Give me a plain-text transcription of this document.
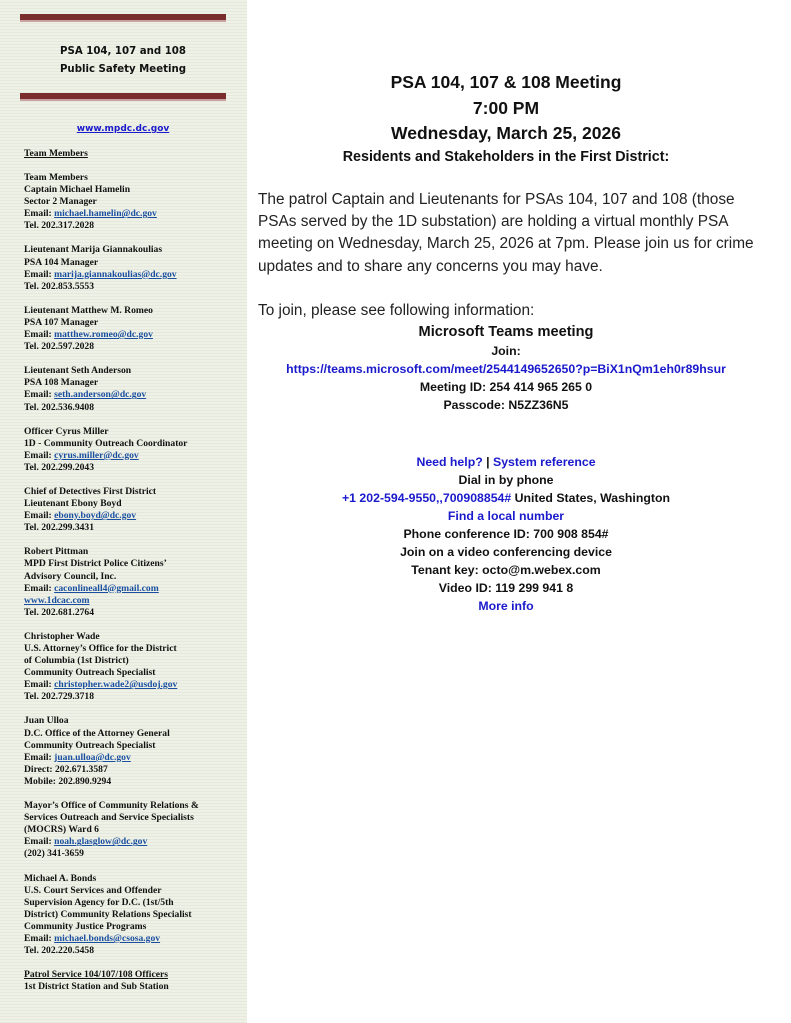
PSA 104, 107 and 108
Public Safety Meeting
www.mpdc.dc.gov
Team Members
Team Members
Captain Michael Hamelin
Sector 2 Manager
Email: michael.hamelin@dc.gov
Tel. 202.317.2028
Lieutenant Marija Giannakoulias
PSA 104 Manager
Email: marija.giannakoulias@dc.gov
Tel. 202.853.5553
Lieutenant Matthew M. Romeo
PSA 107 Manager
Email: matthew.romeo@dc.gov
Tel. 202.597.2028
Lieutenant Seth Anderson
PSA 108 Manager
Email: seth.anderson@dc.gov
Tel. 202.536.9408
Officer Cyrus Miller
1D - Community Outreach Coordinator
Email: cyrus.miller@dc.gov
Tel. 202.299.2043
Chief of Detectives First District
Lieutenant Ebony Boyd
Email: ebony.boyd@dc.gov
Tel. 202.299.3431
Robert Pittman
MPD First District Police Citizens’
Advisory Council, Inc.
Email: caconlineall4@gmail.com
www.1dcac.com
Tel. 202.681.2764
Christopher Wade
U.S. Attorney’s Office for the District
of Columbia (1st District)
Community Outreach Specialist
Email: christopher.wade2@usdoj.gov
Tel. 202.729.3718
Juan Ulloa
D.C. Office of the Attorney General
Community Outreach Specialist
Email: juan.ulloa@dc.gov
Direct: 202.671.3587
Mobile: 202.890.9294
Mayor’s Office of Community Relations &
Services Outreach and Service Specialists
(MOCRS) Ward 6
Email: noah.glasglow@dc.gov
(202) 341-3659
Michael A. Bonds
U.S. Court Services and Offender
Supervision Agency for D.C. (1st/5th
District) Community Relations Specialist
Community Justice Programs
Email: michael.bonds@csosa.gov
Tel. 202.220.5458
Patrol Service 104/107/108 Officers
1st District Station and Sub Station
PSA 104, 107 & 108 Meeting
7:00 PM
Wednesday, March 25, 2026
Residents and Stakeholders in the First District:
The patrol Captain and Lieutenants for PSAs 104, 107 and 108 (those PSAs served by the 1D substation) are holding a virtual monthly PSA meeting on Wednesday, March 25, 2026 at 7pm. Please join us for crime updates and to share any concerns you may have.
To join, please see following information:
Microsoft Teams meeting
Join:
https://teams.microsoft.com/meet/2544149652650?p=BiX1nQm1eh0r89hsur
Meeting ID: 254 414 965 265 0
Passcode: N5ZZ36N5
Need help? | System reference
Dial in by phone
+1 202-594-9550,,700908854# United States, Washington
Find a local number
Phone conference ID: 700 908 854#
Join on a video conferencing device
Tenant key: octo@m.webex.com
Video ID: 119 299 941 8
More info
